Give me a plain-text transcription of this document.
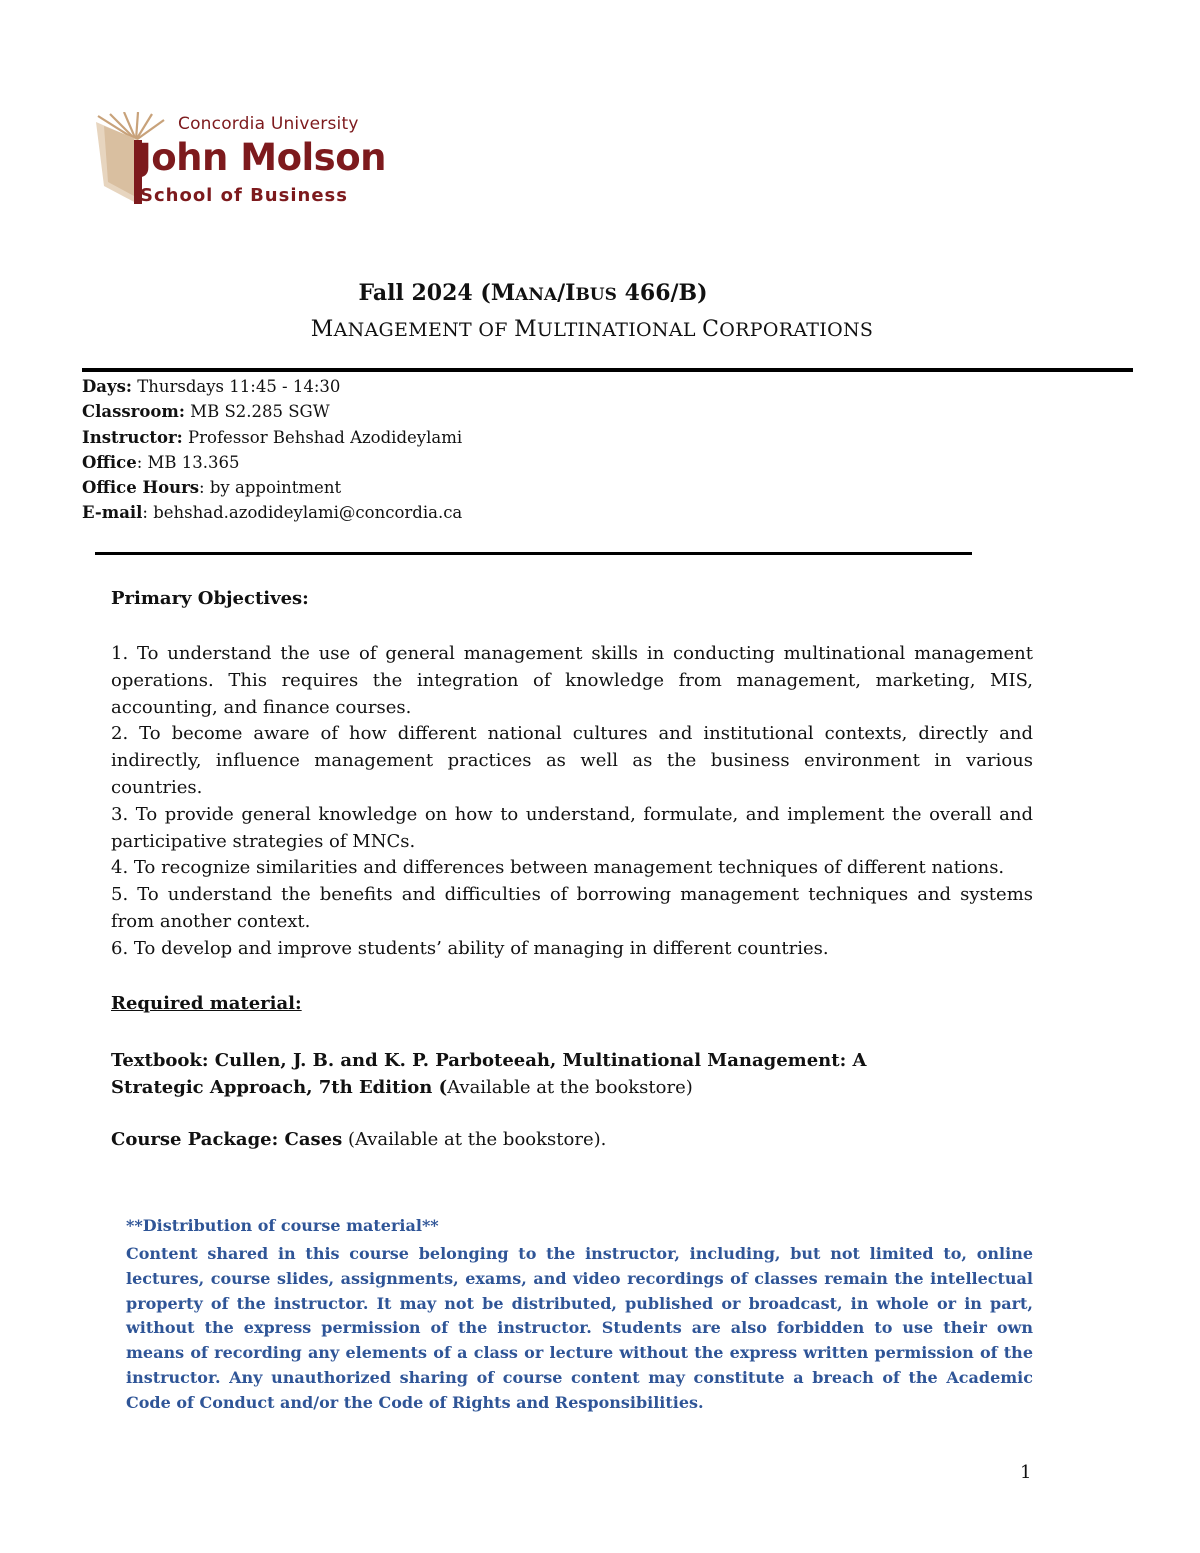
Concordia University
John Molson
School of Business
Fall 2024 (MANA/IBUS 466/B)
MANAGEMENT OF MULTINATIONAL CORPORATIONS
Days: Thursdays 11:45 - 14:30
Classroom: MB S2.285 SGW
Instructor: Professor Behshad Azodideylami
Office: MB 13.365
Office Hours: by appointment
E-mail: behshad.azodideylami@concordia.ca
Primary Objectives:

1. To understand the use of general management skills in conducting multinational management operations. This requires the integration of knowledge from management, marketing, MIS, accounting, and finance courses.

2. To become aware of how different national cultures and institutional contexts, directly and indirectly, influence management practices as well as the business environment in various countries.

3. To provide general knowledge on how to understand, formulate, and implement the overall and participative strategies of MNCs.

4. To recognize similarities and differences between management techniques of different nations.

5. To understand the benefits and difficulties of borrowing management techniques and systems from another context.

6. To develop and improve students’ ability of managing in different countries.

Required material:
Textbook: Cullen, J. B. and K. P. Parboteeah, Multinational Management: A Strategic Approach, 7th Edition (Available at the bookstore)
Course Package: Cases (Available at the bookstore).
**Distribution of course material**
Content shared in this course belonging to the instructor, including, but not limited to, online lectures, course slides, assignments, exams, and video recordings of classes remain the intellectual property of the instructor. It may not be distributed, published or broadcast, in whole or in part, without the express permission of the instructor. Students are also forbidden to use their own means of recording any elements of a class or lecture without the express written permission of the instructor. Any unauthorized sharing of course content may constitute a breach of the Academic Code of Conduct and/or the Code of Rights and Responsibilities.
1
